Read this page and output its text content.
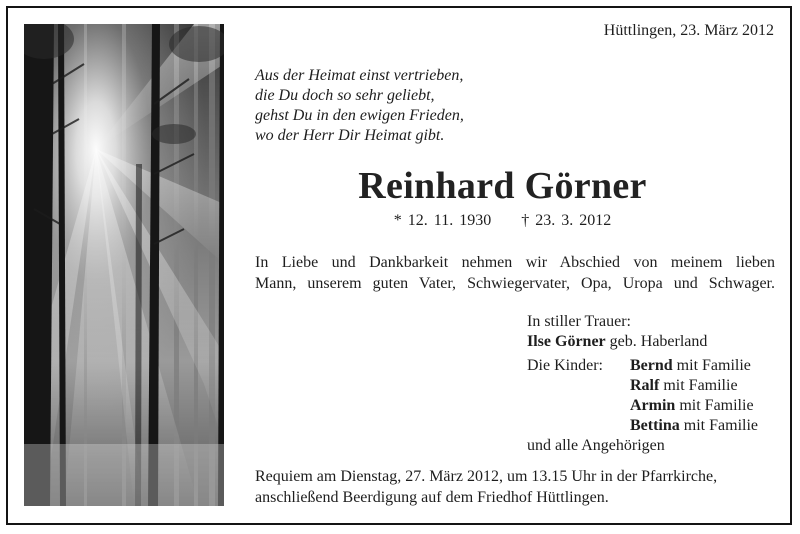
Hüttlingen, 23. März 2012
Aus der Heimat einst vertrieben,
die Du doch so sehr geliebt,
gehst Du in den ewigen Frieden,
wo der Herr Dir Heimat gibt.
Reinhard Görner
* 12. 11. 1930 † 23. 3. 2012
In Liebe und Dankbarkeit nehmen wir Abschied von meinem lieben
Mann, unserem guten Vater, Schwiegervater, Opa, Uropa und Schwager.
In stiller Trauer:
Ilse Görner geb. Haberland
Die Kinder: Bernd mit Familie
Ralf mit Familie
Armin mit Familie
Bettina mit Familie
und alle Angehörigen
Requiem am Dienstag, 27. März 2012, um 13.15 Uhr in der Pfarrkirche,
anschließend Beerdigung auf dem Friedhof Hüttlingen.
